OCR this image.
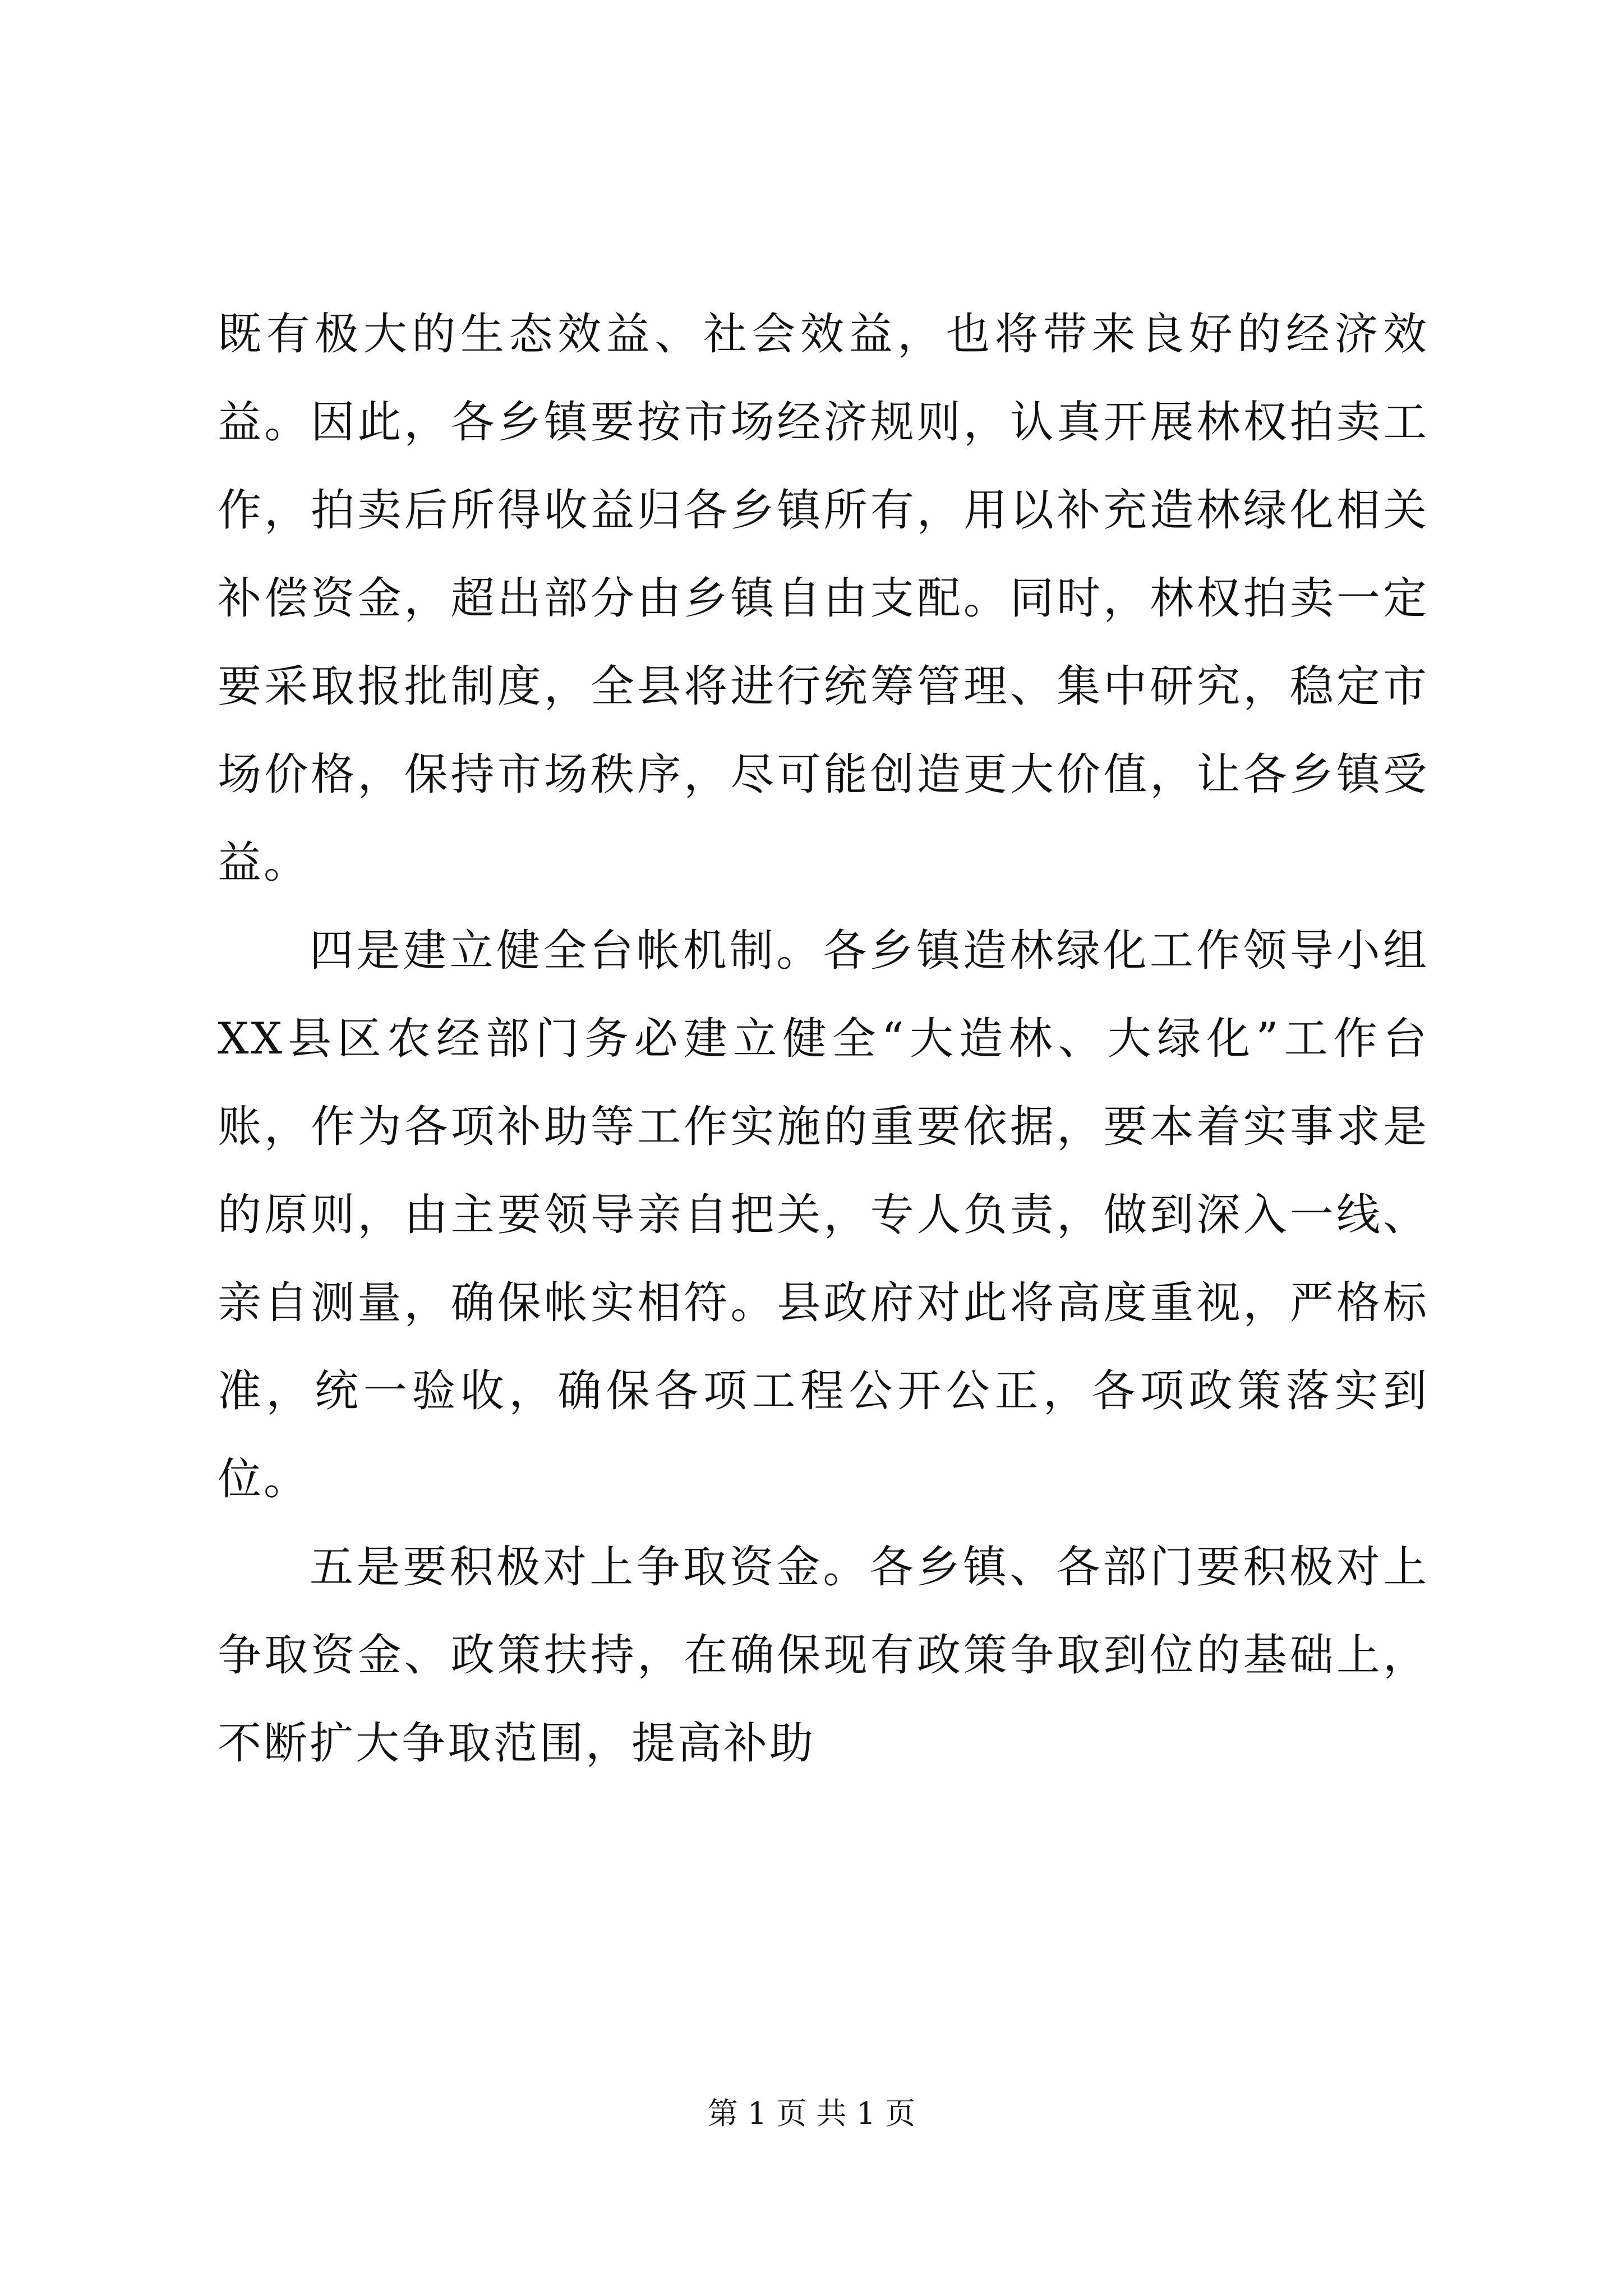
既有极大的生态效益、社会效益，也将带来良好的经济效益。因此，各乡镇要按市场经济规则，认真开展林权拍卖工作，拍卖后所得收益归各乡镇所有，用以补充造林绿化相关补偿资金，超出部分由乡镇自由支配。同时，林权拍卖一定要采取报批制度，全县将进行统筹管理、集中研究，稳定市场价格，保持市场秩序，尽可能创造更大价值，让各乡镇受益。

四是建立健全台帐机制。各乡镇造林绿化工作领导小组XX县区农经部门务必建立健全“大造林、大绿化”工作台账，作为各项补助等工作实施的重要依据，要本着实事求是的原则，由主要领导亲自把关，专人负责，做到深入一线、亲自测量，确保帐实相符。县政府对此将高度重视，严格标准，统一验收，确保各项工程公开公正，各项政策落实到位。

五是要积极对上争取资金。各乡镇、各部门要积极对上争取资金、政策扶持，在确保现有政策争取到位的基础上，不断扩大争取范围，提高补助

第 1 页 共 1 页
